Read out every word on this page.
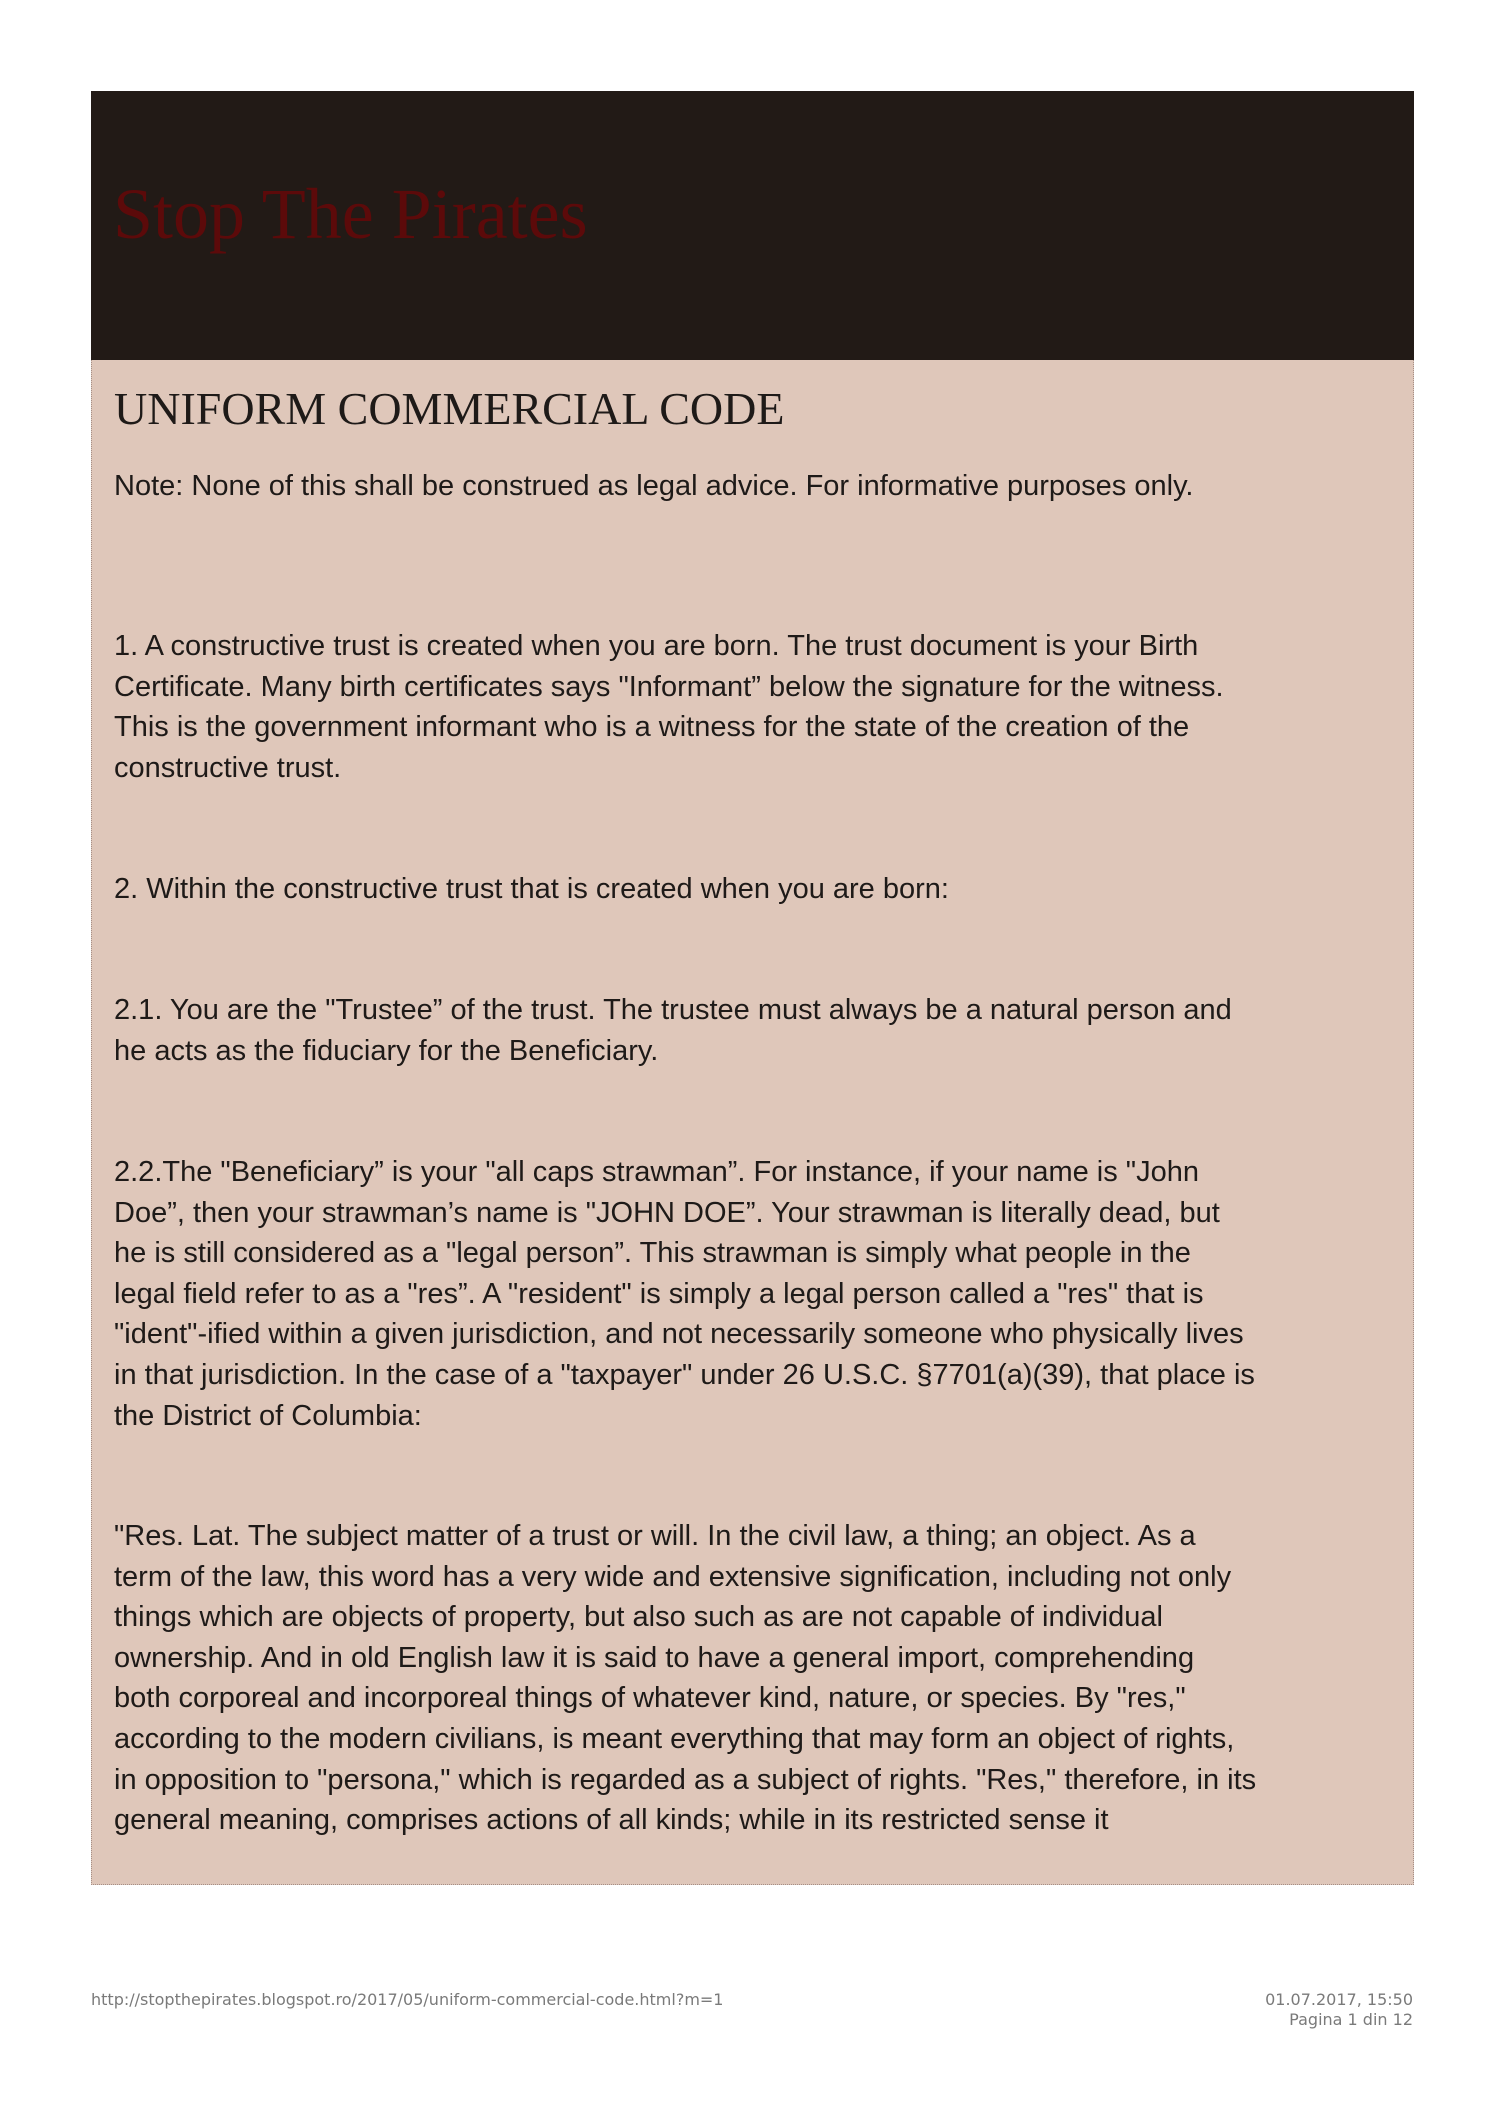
Stop The Pirates
UNIFORM COMMERCIAL CODE

Note: None of this shall be construed as legal advice. For informative purposes only.

1. A constructive trust is created when you are born. The trust document is your Birth
Certificate. Many birth certificates says "Informant” below the signature for the witness.
This is the government informant who is a witness for the state of the creation of the
constructive trust.

2. Within the constructive trust that is created when you are born:

2.1. You are the "Trustee” of the trust. The trustee must always be a natural person and
he acts as the fiduciary for the Beneficiary.

2.2.The "Beneficiary” is your "all caps strawman”. For instance, if your name is "John
Doe”, then your strawman’s name is "JOHN DOE”. Your strawman is literally dead, but
he is still considered as a "legal person”. This strawman is simply what people in the
legal field refer to as a "res”. A "resident" is simply a legal person called a "res" that is
"ident"-ified within a given jurisdiction, and not necessarily someone who physically lives
in that jurisdiction. In the case of a "taxpayer" under 26 U.S.C. §7701(a)(39), that place is
the District of Columbia:

"Res. Lat. The subject matter of a trust or will. In the civil law, a thing; an object. As a
term of the law, this word has a very wide and extensive signification, including not only
things which are objects of property, but also such as are not capable of individual
ownership. And in old English law it is said to have a general import, comprehending
both corporeal and incorporeal things of whatever kind, nature, or species. By "res,"
according to the modern civilians, is meant everything that may form an object of rights,
in opposition to "persona," which is regarded as a subject of rights. "Res," therefore, in its
general meaning, comprises actions of all kinds; while in its restricted sense it

http://stopthepirates.blogspot.ro/2017/05/uniform-commercial-code.html?m=1	01.07.2017, 15:50
Pagina 1 din 12
